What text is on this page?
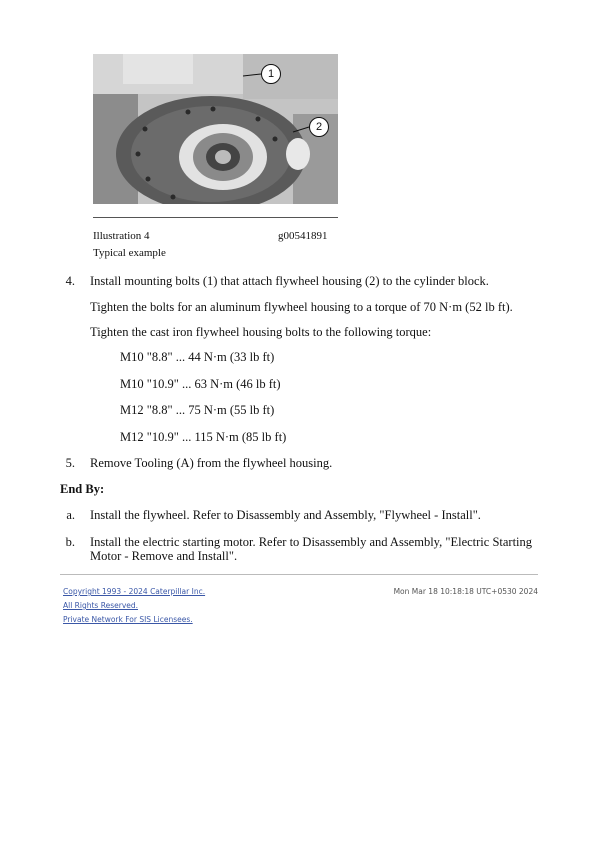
1
2
Illustration 4	g00541891
Typical example
4. Install mounting bolts (1) that attach flywheel housing (2) to the cylinder block.
Tighten the bolts for an aluminum flywheel housing to a torque of 70 N·m (52 lb ft).
Tighten the cast iron flywheel housing bolts to the following torque:
M10 "8.8" ... 44 N·m (33 lb ft)
M10 "10.9" ... 63 N·m (46 lb ft)
M12 "8.8" ... 75 N·m (55 lb ft)
M12 "10.9" ... 115 N·m (85 lb ft)
5. Remove Tooling (A) from the flywheel housing.
End By:
a. Install the flywheel. Refer to Disassembly and Assembly, "Flywheel - Install".
b. Install the electric starting motor. Refer to Disassembly and Assembly, "Electric Starting
Motor - Remove and Install".
Copyright 1993 - 2024 Caterpillar Inc.
All Rights Reserved.
Private Network For SIS Licensees.
Mon Mar 18 10:18:18 UTC+0530 2024
